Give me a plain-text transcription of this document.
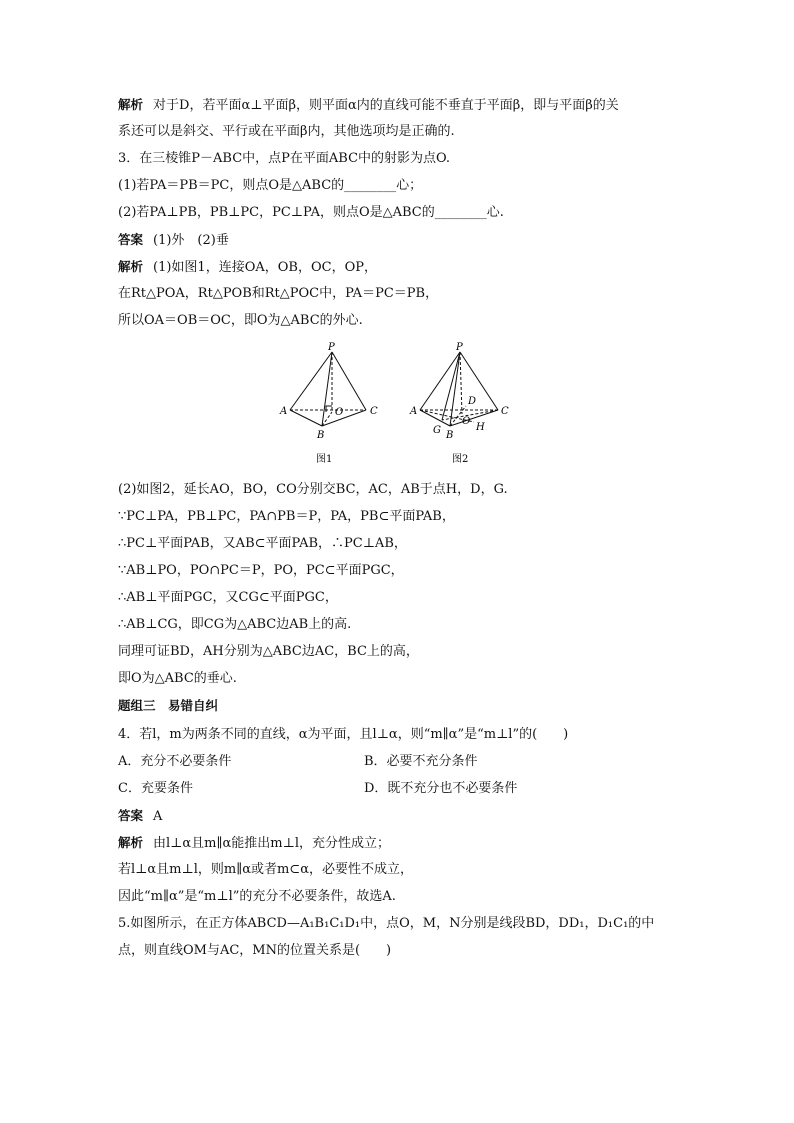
解析 对于D，若平面α⊥平面β，则平面α内的直线可能不垂直于平面β，即与平面β的关
系还可以是斜交、平行或在平面β内，其他选项均是正确的.
3．在三棱锥P－ABC中，点P在平面ABC中的射影为点O.
(1)若PA＝PB＝PC，则点O是△ABC的________心；
(2)若PA⊥PB，PB⊥PC，PC⊥PA，则点O是△ABC的________心.
答案 (1)外　(2)垂
解析 (1)如图1，连接OA，OB，OC，OP，
在Rt△POA，Rt△POB和Rt△POC中，PA＝PC＝PB，
所以OA＝OB＝OC，即O为△ABC的外心.
P
A
B
C
O
图1
P
A
B
C
O
D
G	H
图2
(2)如图2，延长AO，BO，CO分别交BC，AC，AB于点H，D，G.
∵PC⊥PA，PB⊥PC，PA∩PB＝P，PA，PB⊂平面PAB，
∴PC⊥平面PAB，又AB⊂平面PAB，∴PC⊥AB，
∵AB⊥PO，PO∩PC＝P，PO，PC⊂平面PGC，
∴AB⊥平面PGC，又CG⊂平面PGC，
∴AB⊥CG，即CG为△ABC边AB上的高.
同理可证BD，AH分别为△ABC边AC，BC上的高，
即O为△ABC的垂心.
题组三　易错自纠
4．若l，m为两条不同的直线，α为平面，且l⊥α，则“m∥α”是“m⊥l”的(　　)
A．充分不必要条件	B．必要不充分条件
C．充要条件	D．既不充分也不必要条件
答案 A
解析 由l⊥α且m∥α能推出m⊥l，充分性成立；
若l⊥α且m⊥l，则m∥α或者m⊂α，必要性不成立，
因此“m∥α”是“m⊥l”的充分不必要条件，故选A.
5.如图所示，在正方体ABCD—A₁B₁C₁D₁中，点O，M，N分别是线段BD，DD₁，D₁C₁的中
点，则直线OM与AC，MN的位置关系是(　　)
